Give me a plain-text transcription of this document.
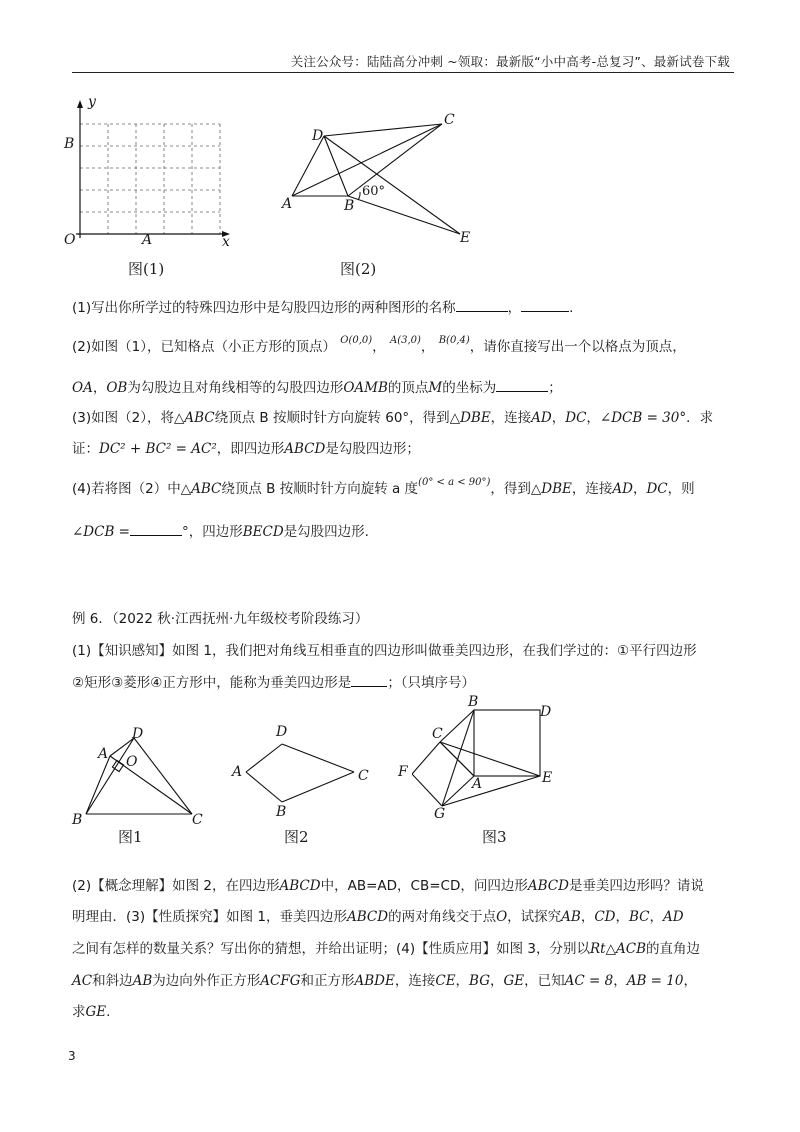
关注公众号：陆陆高分冲刺 ~领取：最新版“小中高考-总复习”、最新试卷下载
y
B
O	A	x
图(1)
D
C
A	B
E
60°
图(2)
(1)写出你所学过的特殊四边形中是勾股四边形的两种图形的名称	，	.
(2)如图（1），已知格点（小正方形的顶点） $^{O(0,0)}$， $^{A(3,0)}$， $^{B(0,4)}$，请你直接写出一个以格点为顶点，
OA，OB为勾股边且对角线相等的勾股四边形OAMB的顶点M的坐标为	；
(3)如图（2），将△ABC绕顶点 B 按顺时针方向旋转 60°，得到△DBE，连接AD，DC，∠DCB = 30°．求
证：DC² + BC² = AC²，即四边形ABCD是勾股四边形；
(4)若将图（2）中△ABC绕顶点 B 按顺时针方向旋转 a 度$^{(0^\circ < a < 90^\circ)}$，得到△DBE，连接AD，DC，则
∠DCB =	°，四边形BECD是勾股四边形.
例 6．（2022 秋·江西抚州·九年级校考阶段练习）
(1)【知识感知】如图 1，我们把对角线互相垂直的四边形叫做垂美四边形，在我们学过的：①平行四边形
②矩形③菱形④正方形中，能称为垂美四边形是	；（只填序号）
A
D
O
B	C
图1
D
A	C
B
图2
B
D
C
F
A	E
G
图3
(2)【概念理解】如图 2，在四边形ABCD中，AB=AD，CB=CD，问四边形ABCD是垂美四边形吗？请说
明理由．(3)【性质探究】如图 1，垂美四边形ABCD的两对角线交于点O，试探究AB，CD，BC，AD
之间有怎样的数量关系？写出你的猜想，并给出证明；(4)【性质应用】如图 3，分别以Rt△ACB的直角边
AC和斜边AB为边向外作正方形ACFG和正方形ABDE，连接CE，BG，GE，已知AC = 8，AB = 10，
求GE.
3
